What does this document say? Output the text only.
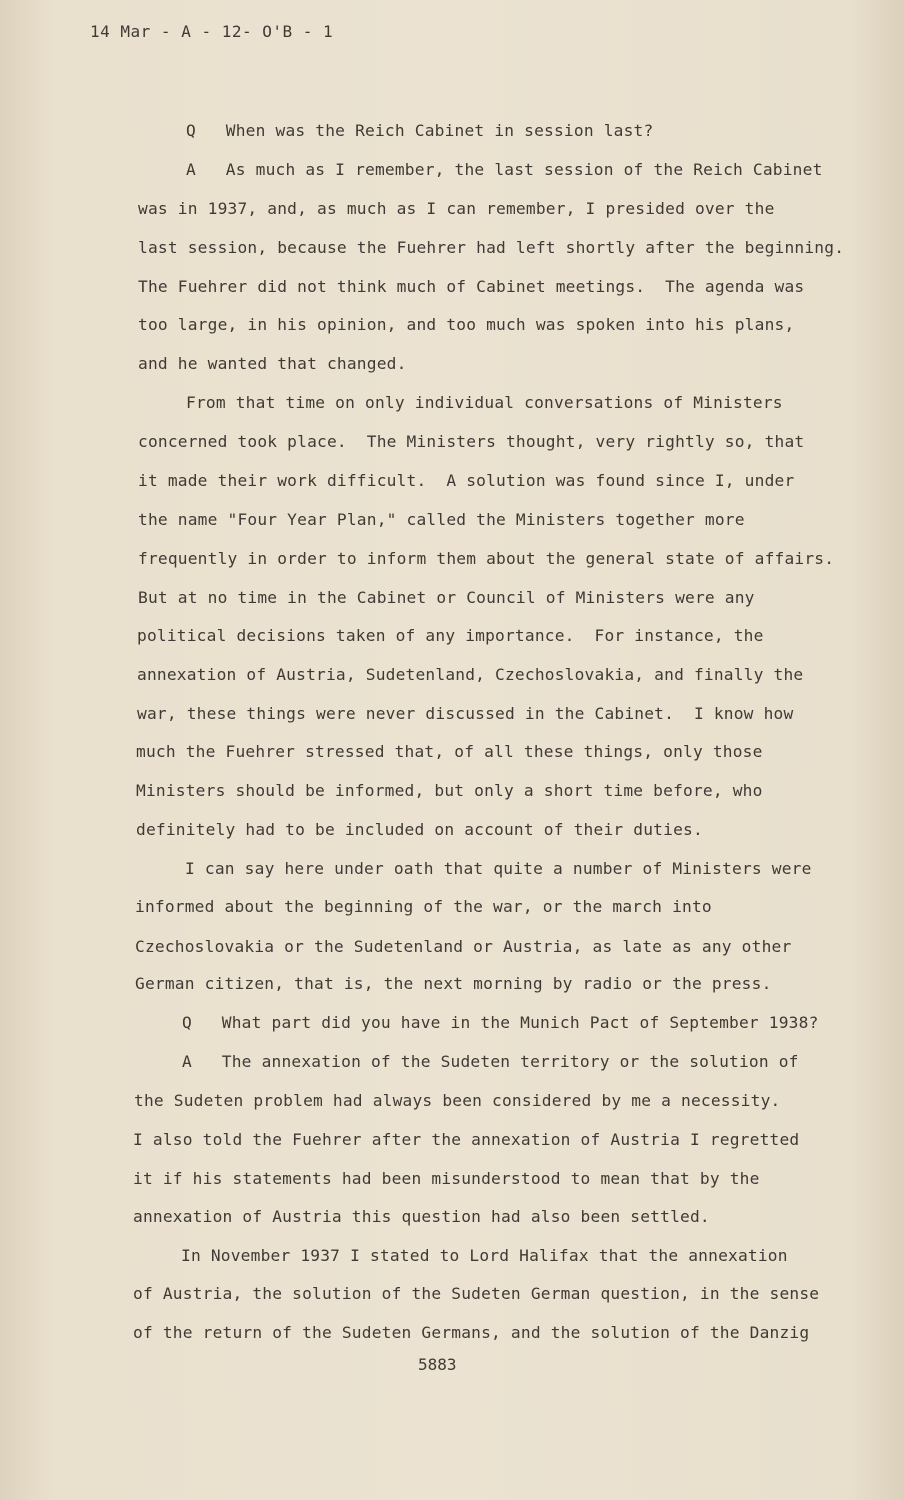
14 Mar - A - 12- O'B - 1
Q   When was the Reich Cabinet in session last?
A   As much as I remember, the last session of the Reich Cabinet
was in 1937, and, as much as I can remember, I presided over the
last session, because the Fuehrer had left shortly after the beginning.
The Fuehrer did not think much of Cabinet meetings.  The agenda was
too large, in his opinion, and too much was spoken into his plans,
and he wanted that changed.
From that time on only individual conversations of Ministers
concerned took place.  The Ministers thought, very rightly so, that
it made their work difficult.  A solution was found since I, under
the name "Four Year Plan," called the Ministers together more
frequently in order to inform them about the general state of affairs.
But at no time in the Cabinet or Council of Ministers were any
political decisions taken of any importance.  For instance, the
annexation of Austria, Sudetenland, Czechoslovakia, and finally the
war, these things were never discussed in the Cabinet.  I know how
much the Fuehrer stressed that, of all these things, only those
Ministers should be informed, but only a short time before, who
definitely had to be included on account of their duties.
I can say here under oath that quite a number of Ministers were
informed about the beginning of the war, or the march into
Czechoslovakia or the Sudetenland or Austria, as late as any other
German citizen, that is, the next morning by radio or the press.
Q   What part did you have in the Munich Pact of September 1938?
A   The annexation of the Sudeten territory or the solution of
the Sudeten problem had always been considered by me a necessity.
I also told the Fuehrer after the annexation of Austria I regretted
it if his statements had been misunderstood to mean that by the
annexation of Austria this question had also been settled.
In November 1937 I stated to Lord Halifax that the annexation
of Austria, the solution of the Sudeten German question, in the sense
of the return of the Sudeten Germans, and the solution of the Danzig
5883
